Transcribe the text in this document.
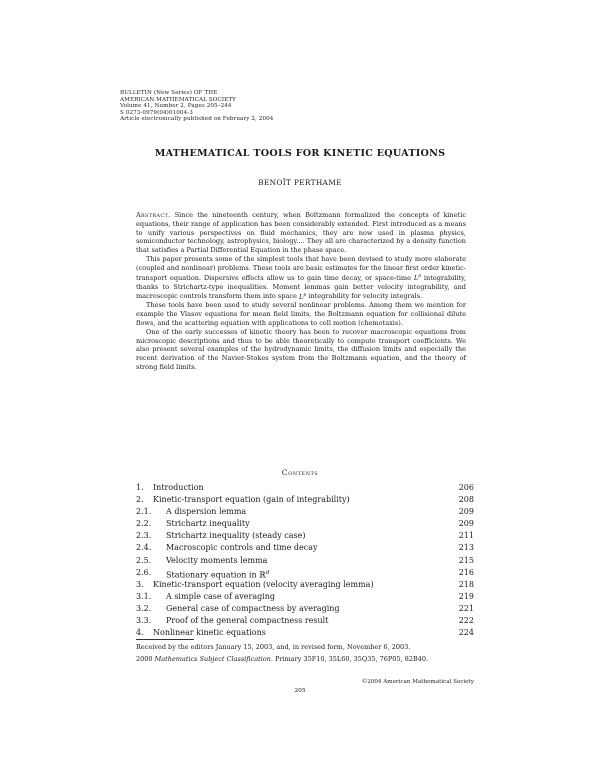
BULLETIN (New Series) OF THE
AMERICAN MATHEMATICAL SOCIETY
Volume 41, Number 2, Pages 205–244
S 0273-0979(04)01004-3
Article electronically published on February 2, 2004
MATHEMATICAL TOOLS FOR KINETIC EQUATIONS
BENOÎT PERTHAME

Abstract. Since the nineteenth century, when Boltzmann formalized the concepts of kinetic equations, their range of application has been considerably extended. First introduced as a means to unify various perspectives on fluid mechanics, they are now used in plasma physics, semiconductor technology, astrophysics, biology.... They all are characterized by a density function that satisfies a Partial Differential Equation in the phase space.

This paper presents some of the simplest tools that have been devised to study more elaborate (coupled and nonlinear) problems. These tools are basic estimates for the linear first order kinetic-transport equation. Dispersive effects allow us to gain time decay, or space-time $L^p$ integrability, thanks to Strichartz-type inequalities. Moment lemmas gain better velocity integrability, and macroscopic controls transform them into space $L^p$ integrability for velocity integrals.

These tools have been used to study several nonlinear problems. Among them we mention for example the Vlasov equations for mean field limits, the Boltzmann equation for collisional dilute flows, and the scattering equation with applications to cell motion (chemotaxis).

One of the early successes of kinetic theory has been to recover macroscopic equations from microscopic descriptions and thus to be able theoretically to compute transport coefficients. We also present several examples of the hydrodynamic limits, the diffusion limits and especially the recent derivation of the Navier-Stokes system from the Boltzmann equation, and the theory of strong field limits.

Contents
1. Introduction	206
2. Kinetic-transport equation (gain of integrability)	208
2.1. A dispersion lemma	209
2.2. Strichartz inequality	209
2.3. Strichartz inequality (steady case)	211
2.4. Macroscopic controls and time decay	213
2.5. Velocity moments lemma	215
2.6. Stationary equation in ℝ$^d$	216
3. Kinetic-transport equation (velocity averaging lemma)	218
3.1. A simple case of averaging	219
3.2. General case of compactness by averaging	221
3.3. Proof of the general compactness result	222
4. Nonlinear kinetic equations	224
Received by the editors January 15, 2003, and, in revised form, November 6, 2003.
2000 Mathematics Subject Classification. Primary 35F10, 35L60, 35Q35, 76P05, 82B40.
©2004 American Mathematical Society
205
